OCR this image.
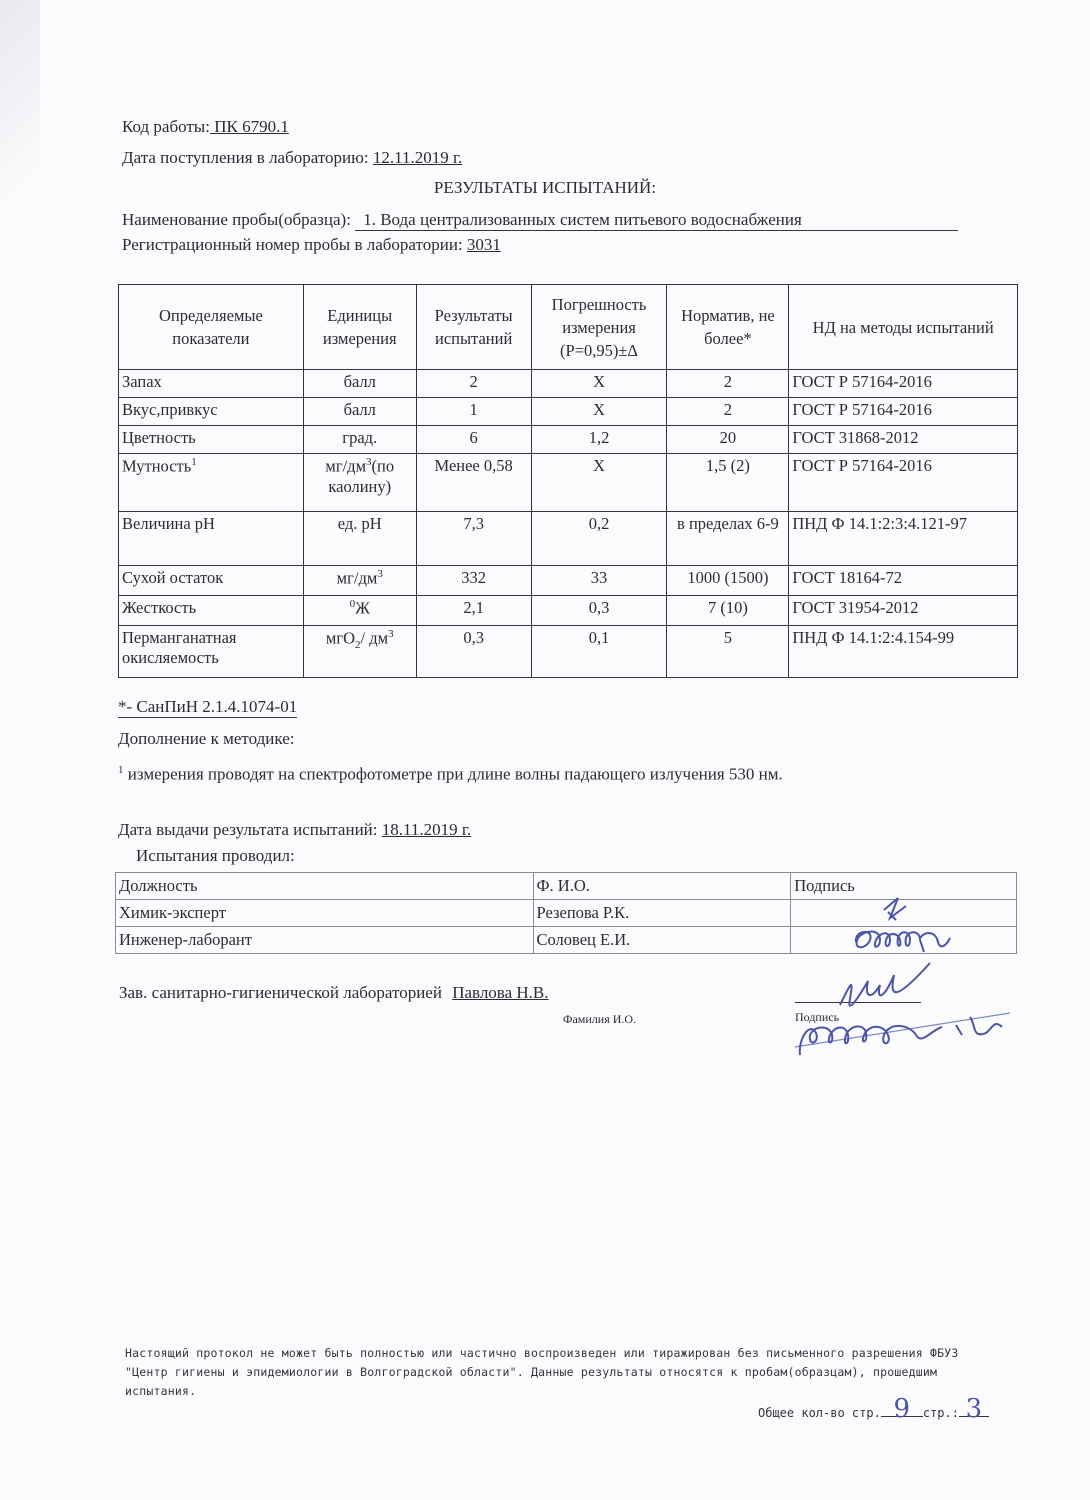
Код работы: ПК 6790.1
Дата поступления в лабораторию: 12.11.2019 г.
РЕЗУЛЬТАТЫ ИСПЫТАНИЙ:
Наименование пробы(образца): 1. Вода централизованных систем питьевого водоснабжения
Регистрационный номер пробы в лаборатории: 3031
Определяемые показатели	Единицы измерения	Результаты испытаний	Погрешность измерения (Р=0,95)±Δ	Норматив, не более*	НД на методы испытаний
Запах	балл	2	X	2	ГОСТ Р 57164-2016
Вкус,привкус	балл	1	X	2	ГОСТ Р 57164-2016
Цветность	град.	6	1,2	20	ГОСТ 31868-2012
Мутность$^1$	$мг/дм^3(по$ каолину)	Менее 0,58	X	1,5 (2)	ГОСТ Р 57164-2016
Величина pH	ед. pH	7,3	0,2	в пределах 6-9	ПНД Ф 14.1:2:3:4.121-97
Сухой остаток	$мг/дм^3$	332	33	1000 (1500)	ГОСТ 18164-72
Жесткость	$^0$Ж	2,1	0,3	7 (10)	ГОСТ 31954-2012
Перманганатная окисляемость	мгО$_2$/ $дм^3$	0,3	0,1	5	ПНД Ф 14.1:2:4.154-99
*- СанПиН 2.1.4.1074-01
Дополнение к методике:
$^1$ измерения проводят на спектрофотометре при длине волны падающего излучения 530 нм.
Дата выдачи результата испытаний: 18.11.2019 г.
Испытания проводил:
Должность	Ф. И.О.	Подпись
Химик-эксперт	Резепова Р.К.	
Инженер-лаборант	Соловец Е.И.	
Зав. санитарно-гигиенической лабораторией Павлова Н.В.
Фамилия И.О.	Подпись
Настоящий протокол не может быть полностью или частично воспроизведен или тиражирован без письменного разрешения ФБУЗ "Центр гигиены и эпидемиологии в Волгоградской области". Данные результаты относятся к пробам(образцам), прошедшим испытания.
Общее кол-во стр. 9 стр.: 3
